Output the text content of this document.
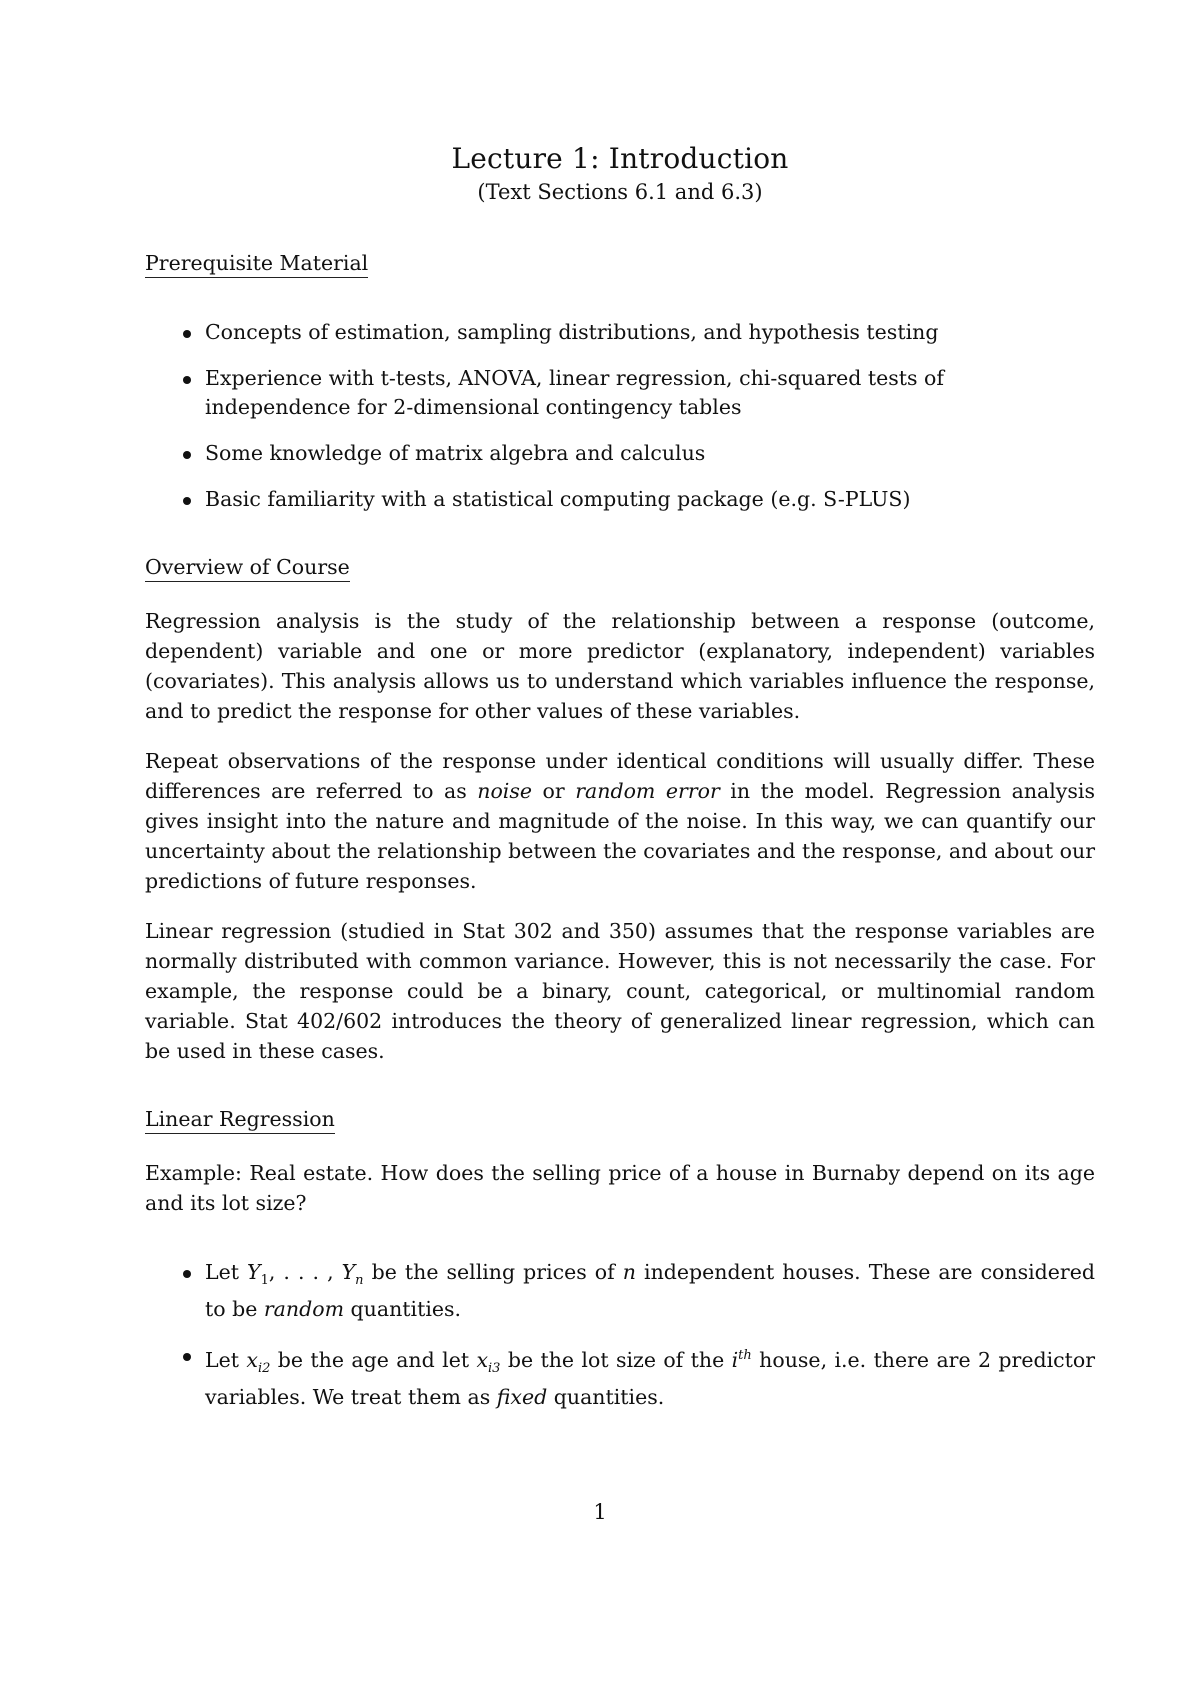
Lecture 1: Introduction

(Text Sections 6.1 and 6.3)

Prerequisite Material
Concepts of estimation, sampling distributions, and hypothesis testing
Experience with t-tests, ANOVA, linear regression, chi-squared tests of independence for 2-dimensional contingency tables
Some knowledge of matrix algebra and calculus
Basic familiarity with a statistical computing package (e.g. S-PLUS)
Overview of Course

Regression analysis is the study of the relationship between a response (outcome, dependent) variable and one or more predictor (explanatory, independent) variables (covariates). This analysis allows us to understand which variables influence the response, and to predict the response for other values of these variables.

Repeat observations of the response under identical conditions will usually differ. These differences are referred to as noise or random error in the model. Regression analysis gives insight into the nature and magnitude of the noise. In this way, we can quantify our uncertainty about the relationship between the covariates and the response, and about our predictions of future responses.

Linear regression (studied in Stat 302 and 350) assumes that the response variables are normally distributed with common variance. However, this is not necessarily the case. For example, the response could be a binary, count, categorical, or multinomial random variable. Stat 402/602 introduces the theory of generalized linear regression, which can be used in these cases.

Linear Regression

Example: Real estate. How does the selling price of a house in Burnaby depend on its age and its lot size?

Let $Y_1$, . . . , $Y_n$ be the selling prices of n independent houses. These are considered to be random quantities.
Let $x_{i2}$ be the age and let $x_{i3}$ be the lot size of the $i^{th}$ house, i.e. there are 2 predictor variables. We treat them as fixed quantities.
1
